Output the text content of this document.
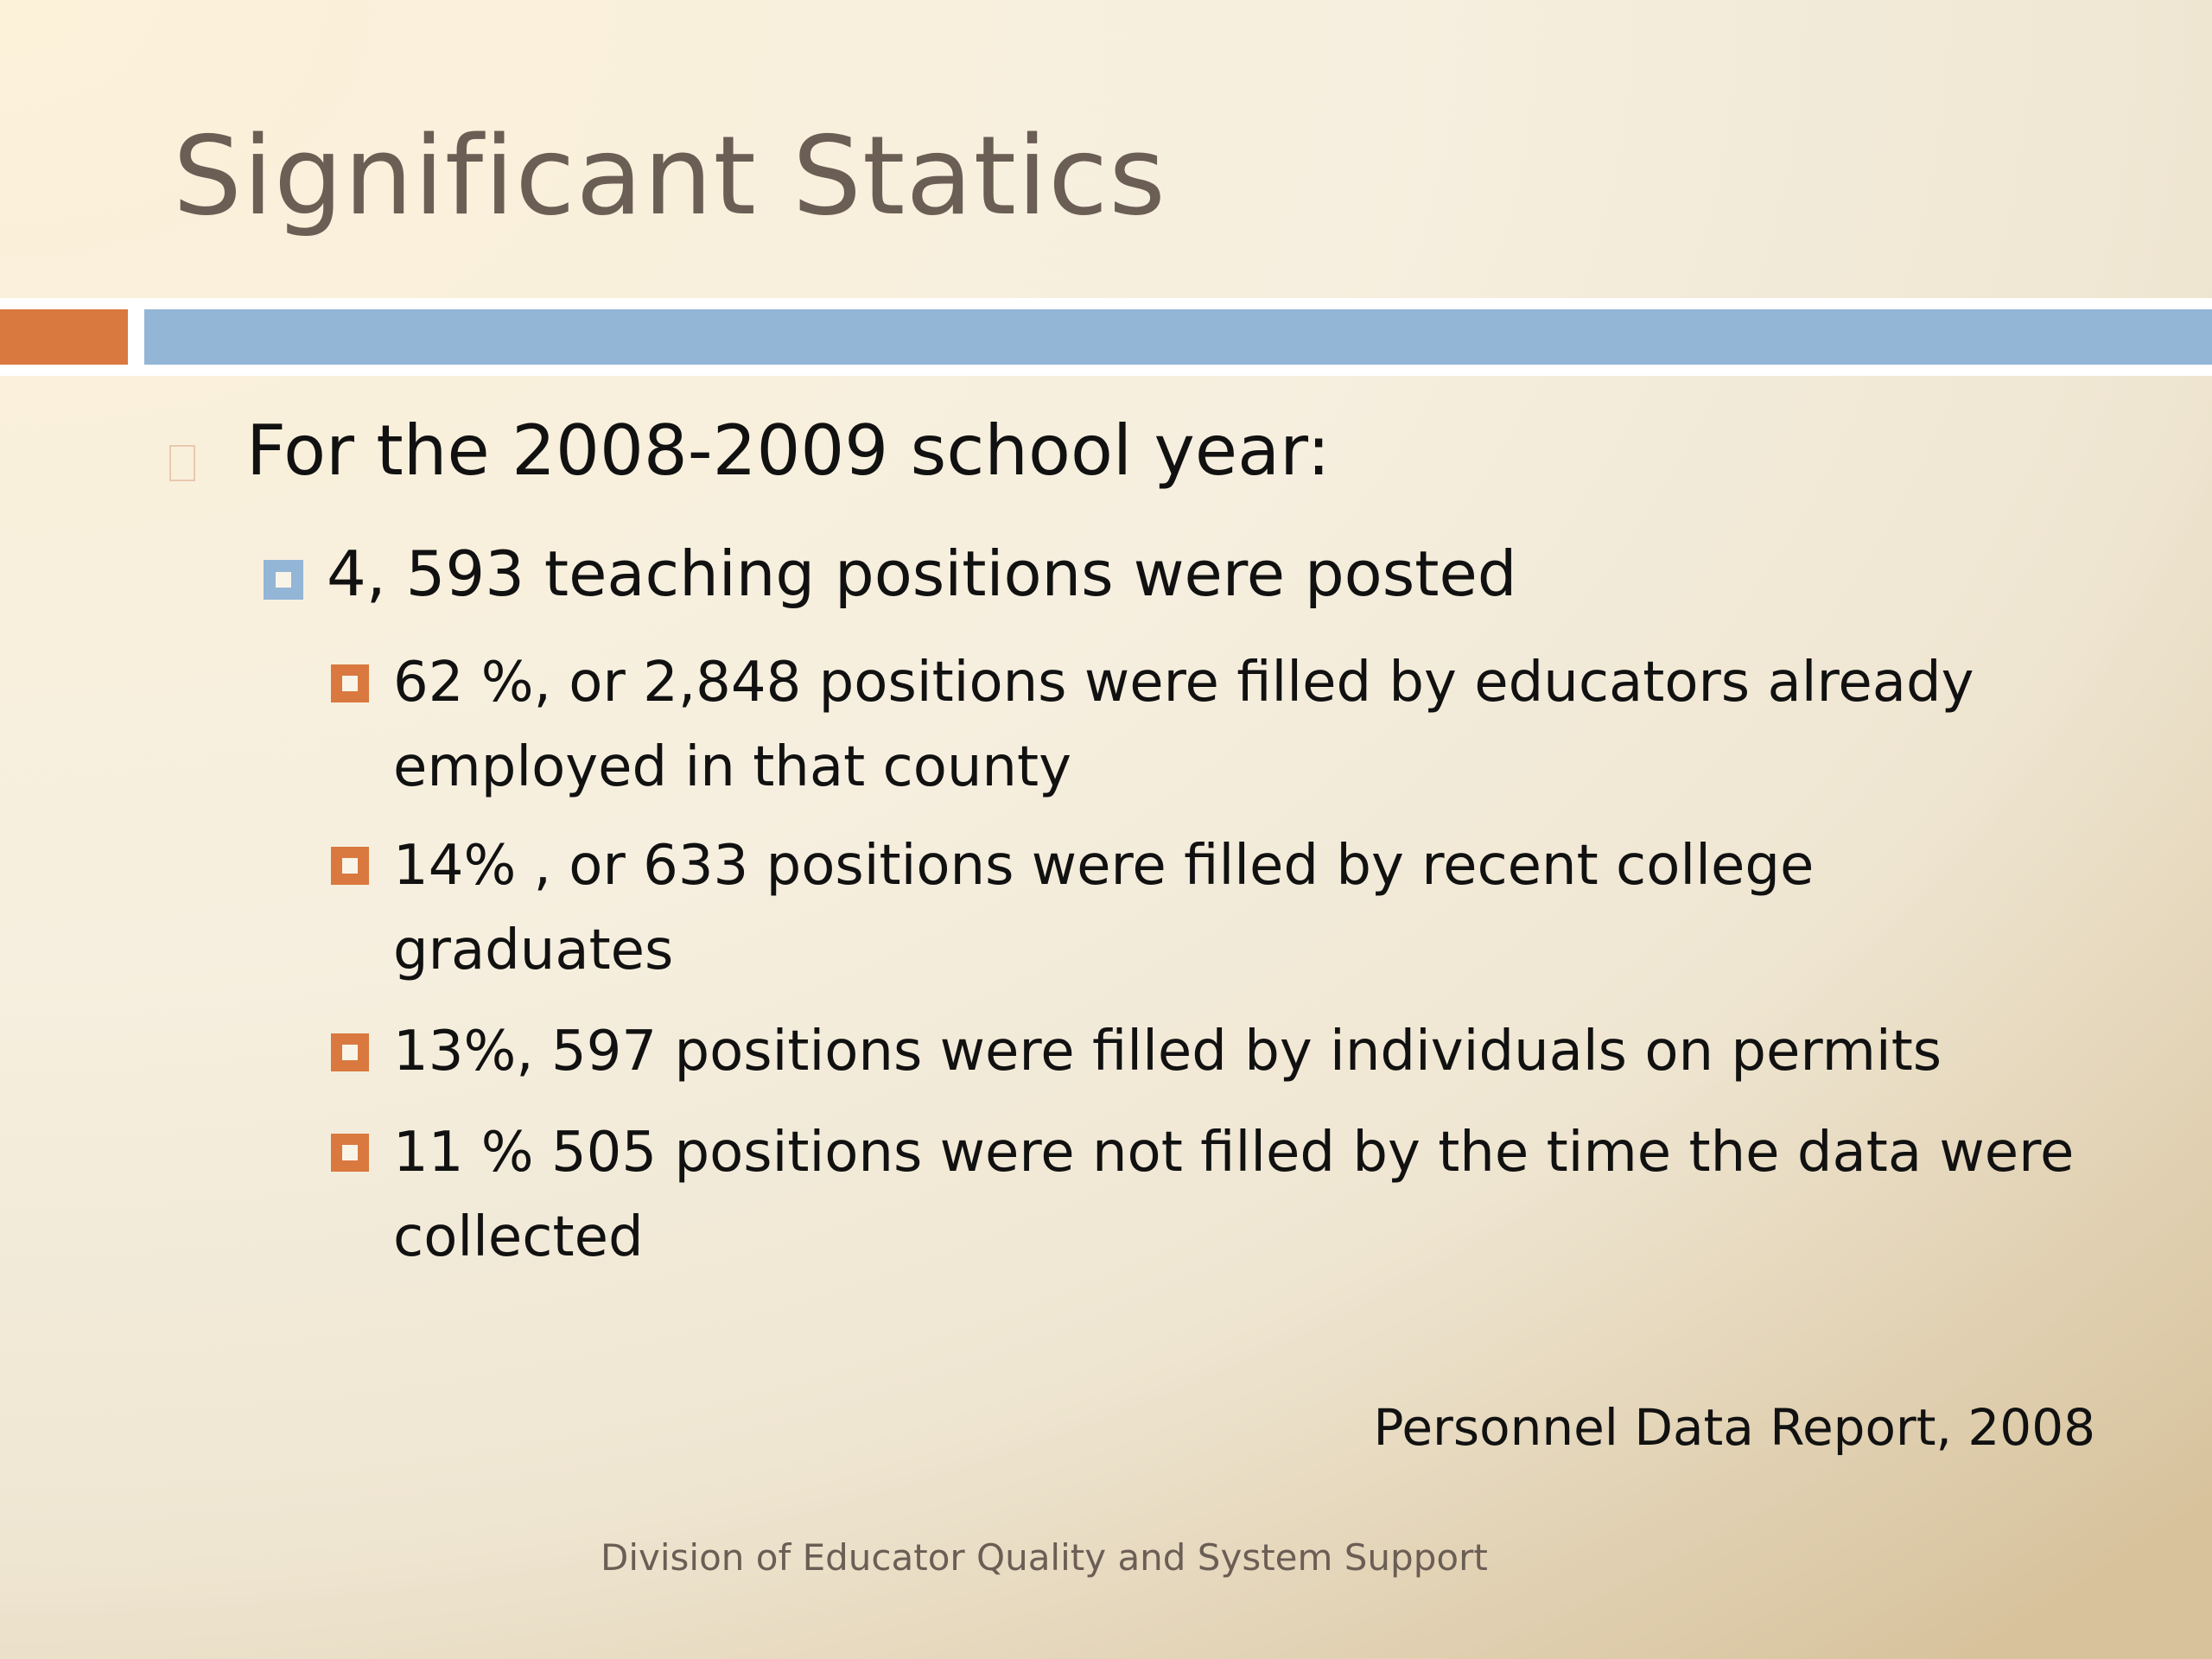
Significant Statics
For the 2008-2009 school year:
4, 593 teaching positions were posted
62 %, or 2,848 positions were filled by educators already employed in that county
14% , or 633 positions were filled by recent college graduates
13%, 597 positions were filled by individuals on permits
11 % 505 positions were not filled by the time the data were collected
Personnel Data Report, 2008
Division of Educator Quality and System Support
